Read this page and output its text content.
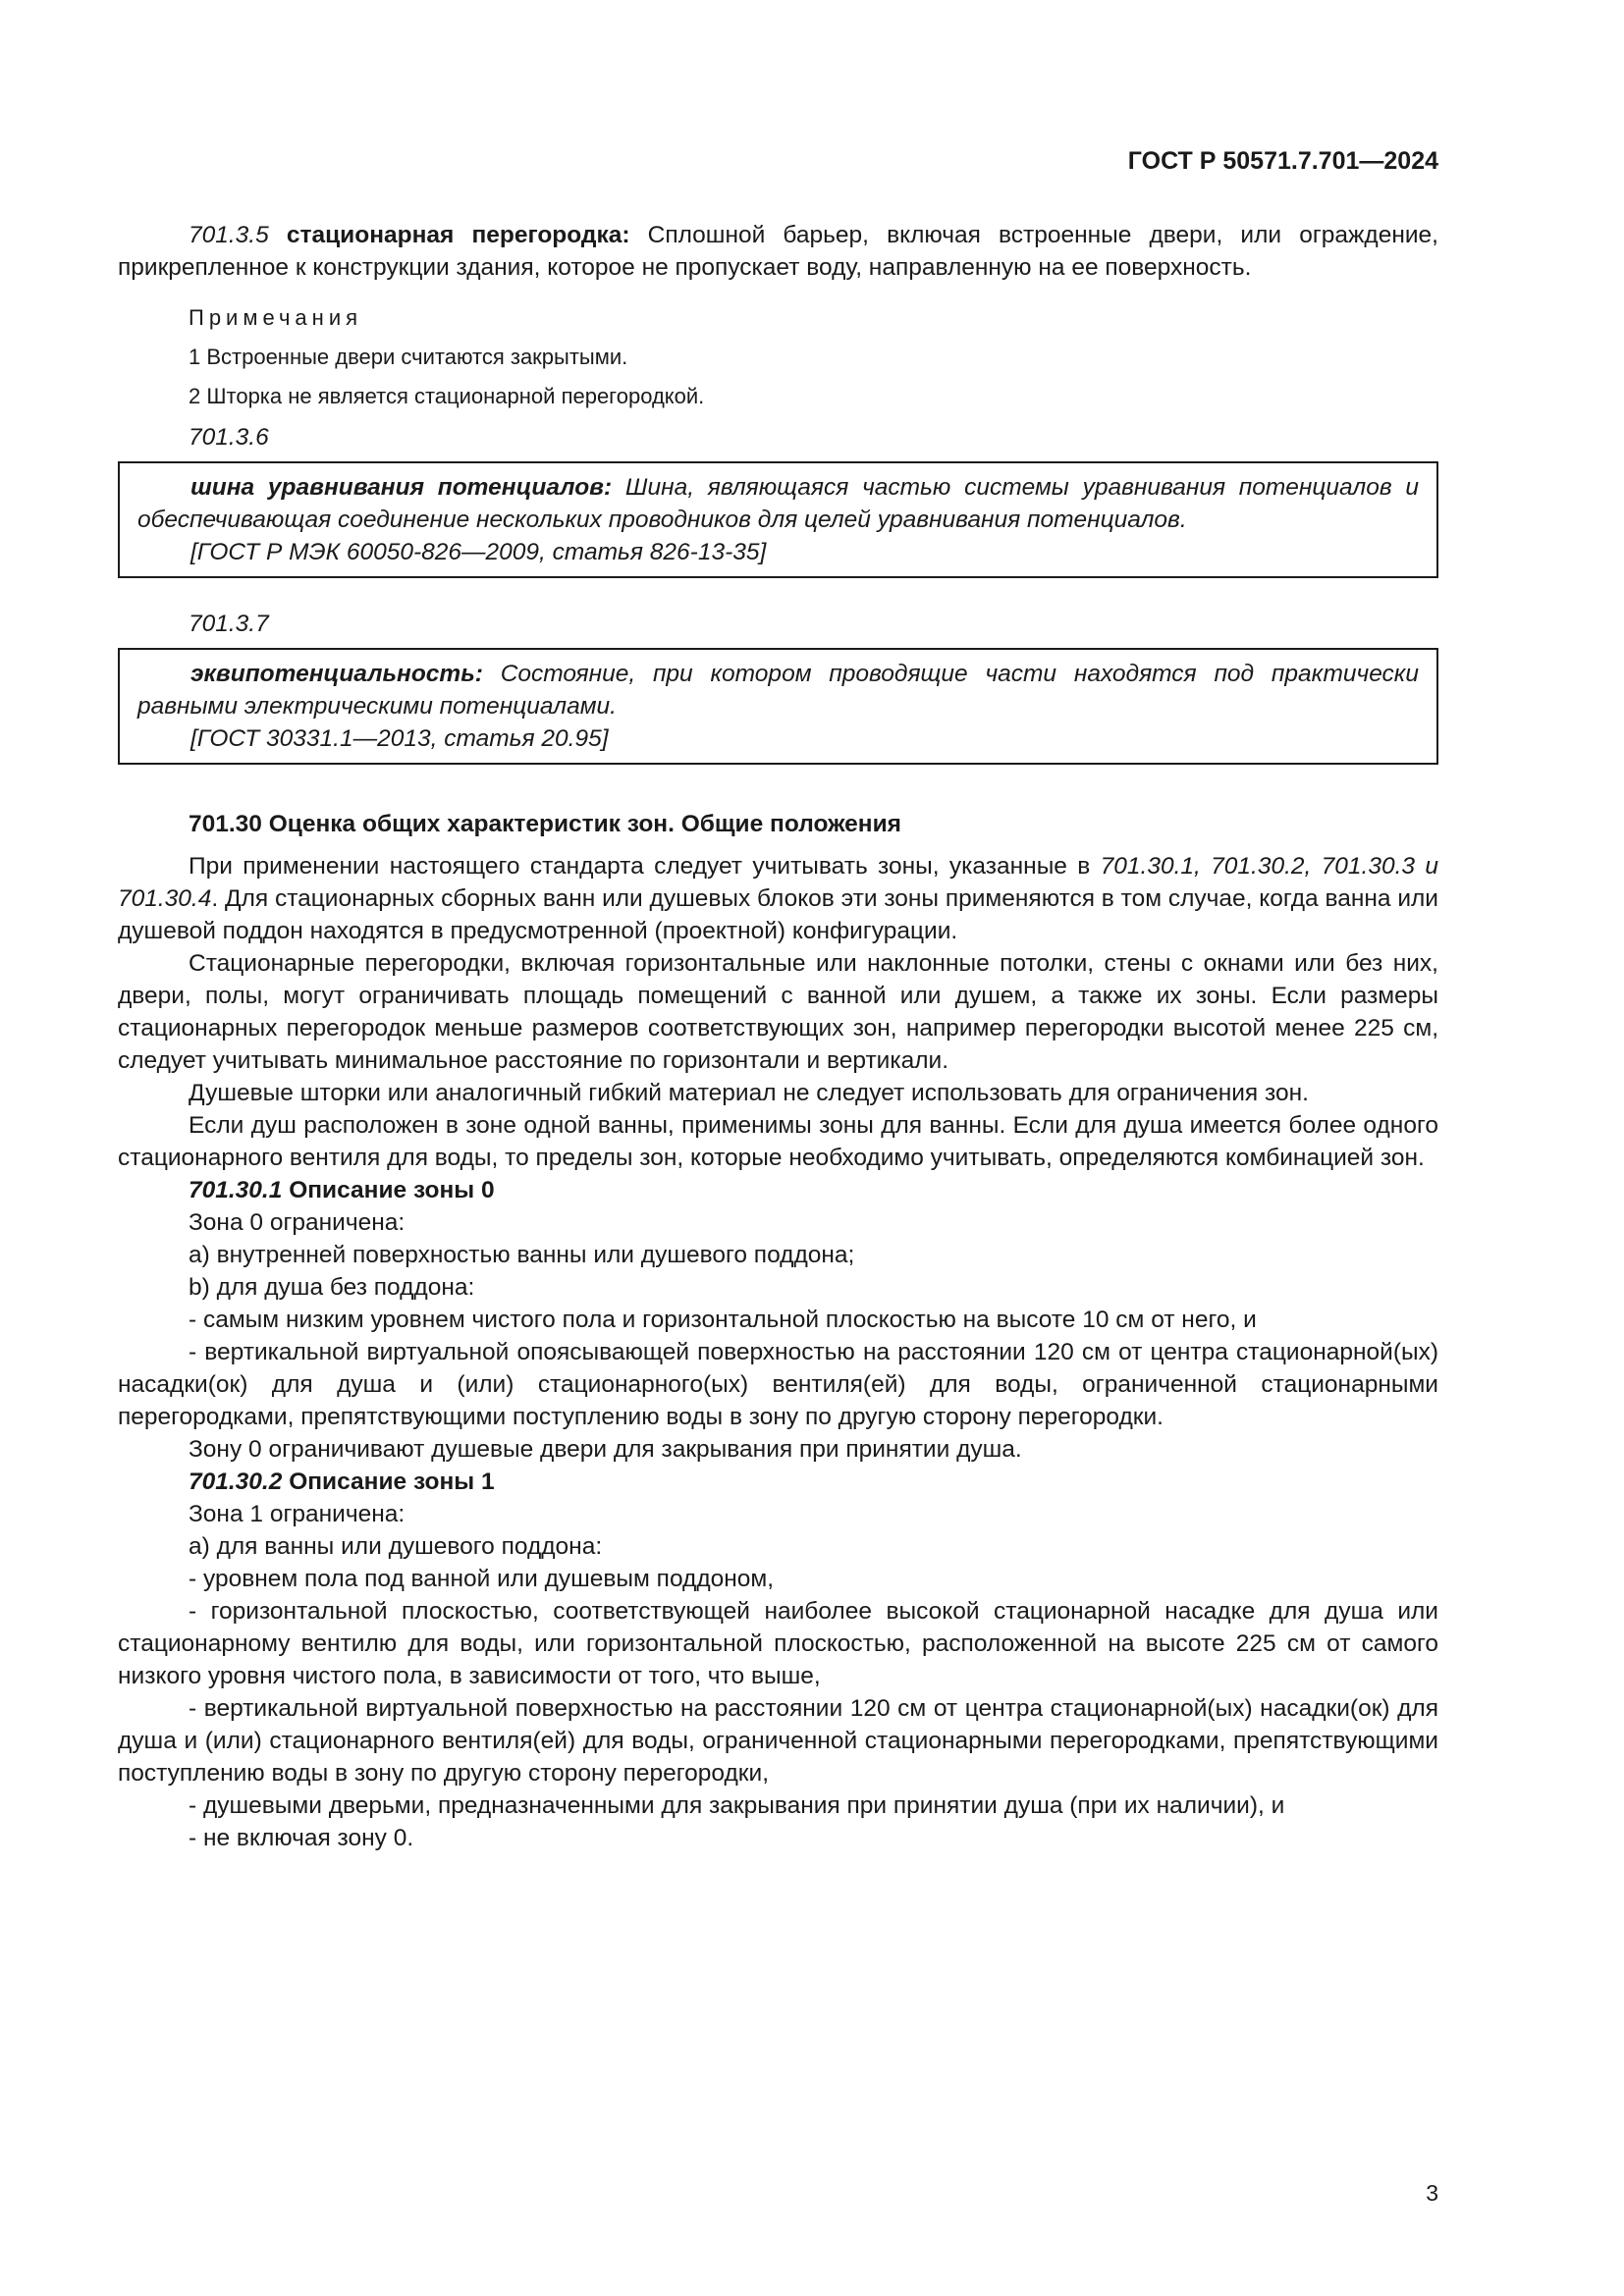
ГОСТ Р 50571.7.701—2024

701.3.5 стационарная перегородка: Сплошной барьер, включая встроенные двери, или ограждение, прикрепленное к конструкции здания, которое не пропускает воду, направленную на ее поверхность.

Примечания
1 Встроенные двери считаются закрытыми.
2 Шторка не является стационарной перегородкой.
701.3.6

шина уравнивания потенциалов: Шина, являющаяся частью системы уравнивания потенциалов и обеспечивающая соединение нескольких проводников для целей уравнивания потенциалов.

[ГОСТ Р МЭК 60050-826—2009, статья 826-13-35]
701.3.7

эквипотенциальность: Состояние, при котором проводящие части находятся под практически равными электрическими потенциалами.

[ГОСТ 30331.1—2013, статья 20.95]

701.30 Оценка общих характеристик зон. Общие положения

При применении настоящего стандарта следует учитывать зоны, указанные в 701.30.1, 701.30.2, 701.30.3 и 701.30.4. Для стационарных сборных ванн или душевых блоков эти зоны применяются в том случае, когда ванна или душевой поддон находятся в предусмотренной (проектной) конфигурации.

Стационарные перегородки, включая горизонтальные или наклонные потолки, стены с окнами или без них, двери, полы, могут ограничивать площадь помещений с ванной или душем, а также их зоны. Если размеры стационарных перегородок меньше размеров соответствующих зон, например перегородки высотой менее 225 см, следует учитывать минимальное расстояние по горизонтали и вертикали.

Душевые шторки или аналогичный гибкий материал не следует использовать для ограничения зон.

Если душ расположен в зоне одной ванны, применимы зоны для ванны. Если для душа имеется более одного стационарного вентиля для воды, то пределы зон, которые необходимо учитывать, определяются комбинацией зон.

701.30.1 Описание зоны 0

Зона 0 ограничена:

a) внутренней поверхностью ванны или душевого поддона;

b) для душа без поддона:

- самым низким уровнем чистого пола и горизонтальной плоскостью на высоте 10 см от него, и

- вертикальной виртуальной опоясывающей поверхностью на расстоянии 120 см от центра стационарной(ых) насадки(ок) для душа и (или) стационарного(ых) вентиля(ей) для воды, ограниченной стационарными перегородками, препятствующими поступлению воды в зону по другую сторону перегородки.

Зону 0 ограничивают душевые двери для закрывания при принятии душа.

701.30.2 Описание зоны 1

Зона 1 ограничена:

a) для ванны или душевого поддона:

- уровнем пола под ванной или душевым поддоном,

- горизонтальной плоскостью, соответствующей наиболее высокой стационарной насадке для душа или стационарному вентилю для воды, или горизонтальной плоскостью, расположенной на высоте 225 см от самого низкого уровня чистого пола, в зависимости от того, что выше,

- вертикальной виртуальной поверхностью на расстоянии 120 см от центра стационарной(ых) насадки(ок) для душа и (или) стационарного вентиля(ей) для воды, ограниченной стационарными перегородками, препятствующими поступлению воды в зону по другую сторону перегородки,

- душевыми дверьми, предназначенными для закрывания при принятии душа (при их наличии), и

- не включая зону 0.

3
